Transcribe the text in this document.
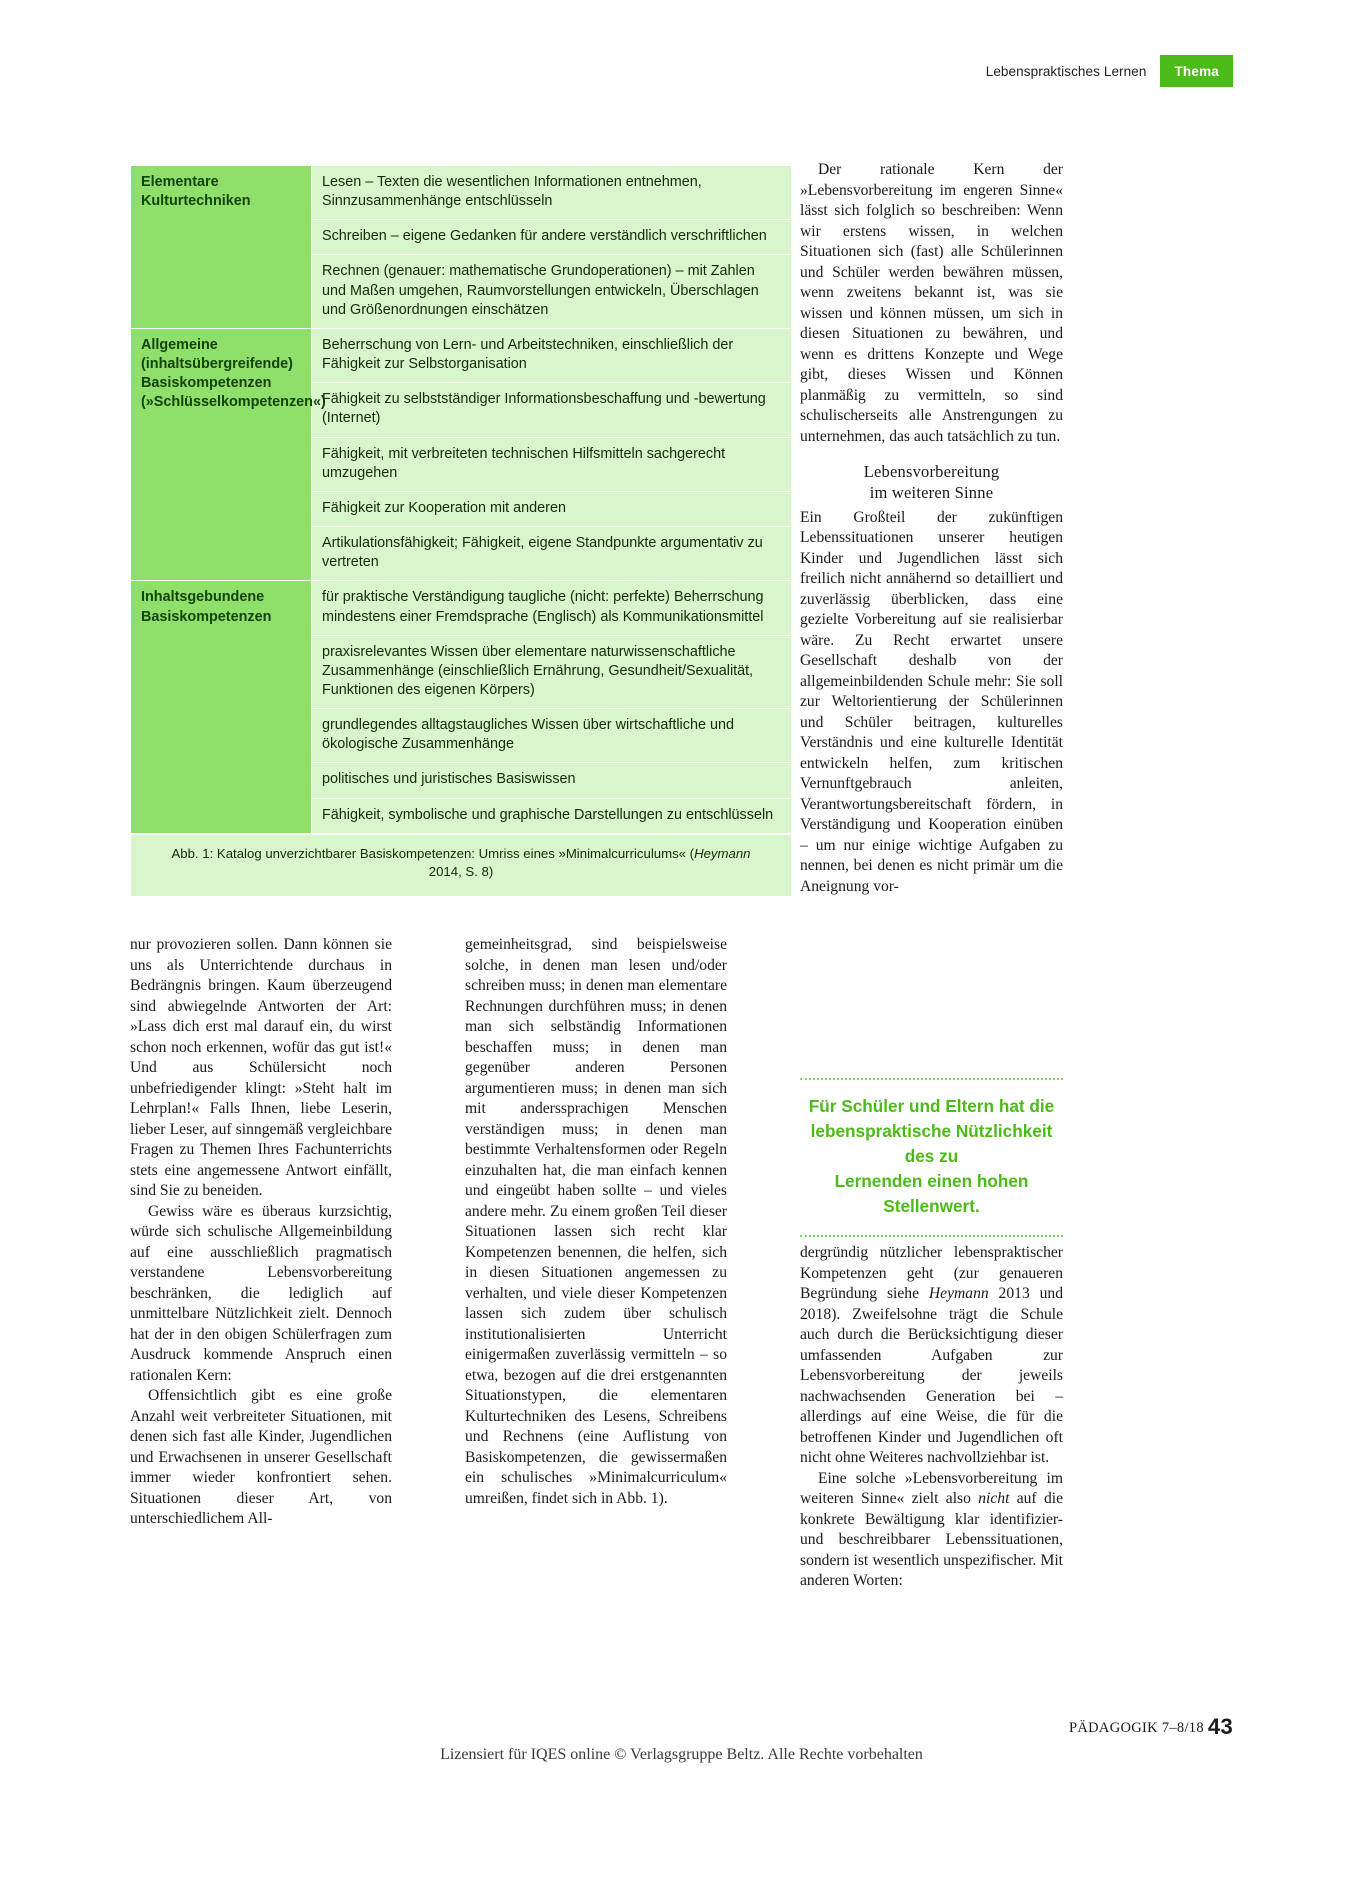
Lebenspraktisches Lernen	Thema
Elementare Kulturtechniken	Lesen – Texten die wesentlichen Informationen entnehmen, Sinnzusammenhänge entschlüsseln
	Schreiben – eigene Gedanken für andere verständlich verschriftlichen
	Rechnen (genauer: mathematische Grundoperationen) – mit Zahlen und Maßen umgehen, Raumvorstellungen entwickeln, Überschlagen und Größenordnungen einschätzen
Allgemeine (inhaltsübergreifende) Basiskompetenzen (»Schlüsselkompetenzen«)	Beherrschung von Lern- und Arbeitstechniken, einschließlich der Fähigkeit zur Selbstorganisation
	Fähigkeit zu selbstständiger Informationsbeschaffung und -bewertung (Internet)
	Fähigkeit, mit verbreiteten technischen Hilfsmitteln sachgerecht umzugehen
	Fähigkeit zur Kooperation mit anderen
	Artikulationsfähigkeit; Fähigkeit, eigene Standpunkte argumentativ zu vertreten
Inhaltsgebundene Basiskompetenzen	für praktische Verständigung taugliche (nicht: perfekte) Beherrschung mindestens einer Fremdsprache (Englisch) als Kommunikationsmittel
	praxisrelevantes Wissen über elementare naturwissenschaftliche Zusammenhänge (einschließlich Ernährung, Gesundheit/Sexualität, Funktionen des eigenen Körpers)
	grundlegendes alltagstaugliches Wissen über wirtschaftliche und ökologische Zusammenhänge
	politisches und juristisches Basiswissen
	Fähigkeit, symbolische und graphische Darstellungen zu entschlüsseln
Abb. 1: Katalog unverzichtbarer Basiskompetenzen: Umriss eines »Minimalcurriculums« (Heymann 2014, S. 8)

nur provozieren sollen. Dann können sie uns als Unterrichtende durchaus in Bedrängnis bringen. Kaum überzeugend sind abwiegelnde Antworten der Art: »Lass dich erst mal darauf ein, du wirst schon noch erkennen, wofür das gut ist!« Und aus Schülersicht noch unbefriedigender klingt: »Steht halt im Lehrplan!« Falls Ihnen, liebe Leserin, lieber Leser, auf sinngemäß vergleichbare Fragen zu Themen Ihres Fachunterrichts stets eine angemessene Antwort einfällt, sind Sie zu beneiden.

Gewiss wäre es überaus kurzsichtig, würde sich schulische Allgemeinbildung auf eine ausschließlich pragmatisch verstandene Lebensvorbereitung beschränken, die lediglich auf unmittelbare Nützlichkeit zielt. Dennoch hat der in den obigen Schülerfragen zum Ausdruck kommende Anspruch einen rationalen Kern:

Offensichtlich gibt es eine große Anzahl weit verbreiteter Situationen, mit denen sich fast alle Kinder, Jugendlichen und Erwachsenen in unserer Gesellschaft immer wieder konfrontiert sehen. Situationen dieser Art, von unterschiedlichem All-

gemeinheitsgrad, sind beispielsweise solche, in denen man lesen und/oder schreiben muss; in denen man elementare Rechnungen durchführen muss; in denen man sich selbständig Informationen beschaffen muss; in denen man gegenüber anderen Personen argumentieren muss; in denen man sich mit anderssprachigen Menschen verständigen muss; in denen man bestimmte Verhaltensformen oder Regeln einzuhalten hat, die man einfach kennen und eingeübt haben sollte – und vieles andere mehr. Zu einem großen Teil dieser Situationen lassen sich recht klar Kompetenzen benennen, die helfen, sich in diesen Situationen angemessen zu verhalten, und viele dieser Kompetenzen lassen sich zudem über schulisch institutionalisierten Unterricht einigermaßen zuverlässig vermitteln – so etwa, bezogen auf die drei erstgenannten Situationstypen, die elementaren Kulturtechniken des Lesens, Schreibens und Rechnens (eine Auflistung von Basiskompetenzen, die gewissermaßen ein schulisches »Minimalcurriculum« umreißen, findet sich in Abb. 1).

Der rationale Kern der »Lebensvorbereitung im engeren Sinne« lässt sich folglich so beschreiben: Wenn wir erstens wissen, in welchen Situationen sich (fast) alle Schülerinnen und Schüler werden bewähren müssen, wenn zweitens bekannt ist, was sie wissen und können müssen, um sich in diesen Situationen zu bewähren, und wenn es drittens Konzepte und Wege gibt, dieses Wissen und Können planmäßig zu vermitteln, so sind schulischerseits alle Anstrengungen zu unternehmen, das auch tatsächlich zu tun.

Lebensvorbereitung
im weiteren Sinne

Ein Großteil der zukünftigen Lebenssituationen unserer heutigen Kinder und Jugendlichen lässt sich freilich nicht annähernd so detailliert und zuverlässig überblicken, dass eine gezielte Vorbereitung auf sie realisierbar wäre. Zu Recht erwartet unsere Gesellschaft deshalb von der allgemeinbildenden Schule mehr: Sie soll zur Weltorientierung der Schülerinnen und Schüler beitragen, kulturelles Verständnis und eine kulturelle Identität entwickeln helfen, zum kritischen Vernunftgebrauch anleiten, Verantwortungsbereitschaft fördern, in Verständigung und Kooperation einüben – um nur einige wichtige Aufgaben zu nennen, bei denen es nicht primär um die Aneignung vor-

Für Schüler und Eltern hat die
lebenspraktische Nützlichkeit des zu
Lernenden einen hohen Stellenwert.

dergründig nützlicher lebenspraktischer Kompetenzen geht (zur genaueren Begründung siehe Heymann 2013 und 2018). Zweifelsohne trägt die Schule auch durch die Berücksichtigung dieser umfassenden Aufgaben zur Lebensvorbereitung der jeweils nachwachsenden Generation bei – allerdings auf eine Weise, die für die betroffenen Kinder und Jugendlichen oft nicht ohne Weiteres nachvollziehbar ist.

Eine solche »Lebensvorbereitung im weiteren Sinne« zielt also nicht auf die konkrete Bewältigung klar identifizier- und beschreibbarer Lebenssituationen, sondern ist wesentlich unspezifischer. Mit anderen Worten:

Lizensiert für IQES online © Verlagsgruppe Beltz. Alle Rechte vorbehalten
PÄDAGOGIK 7–8/18 43
